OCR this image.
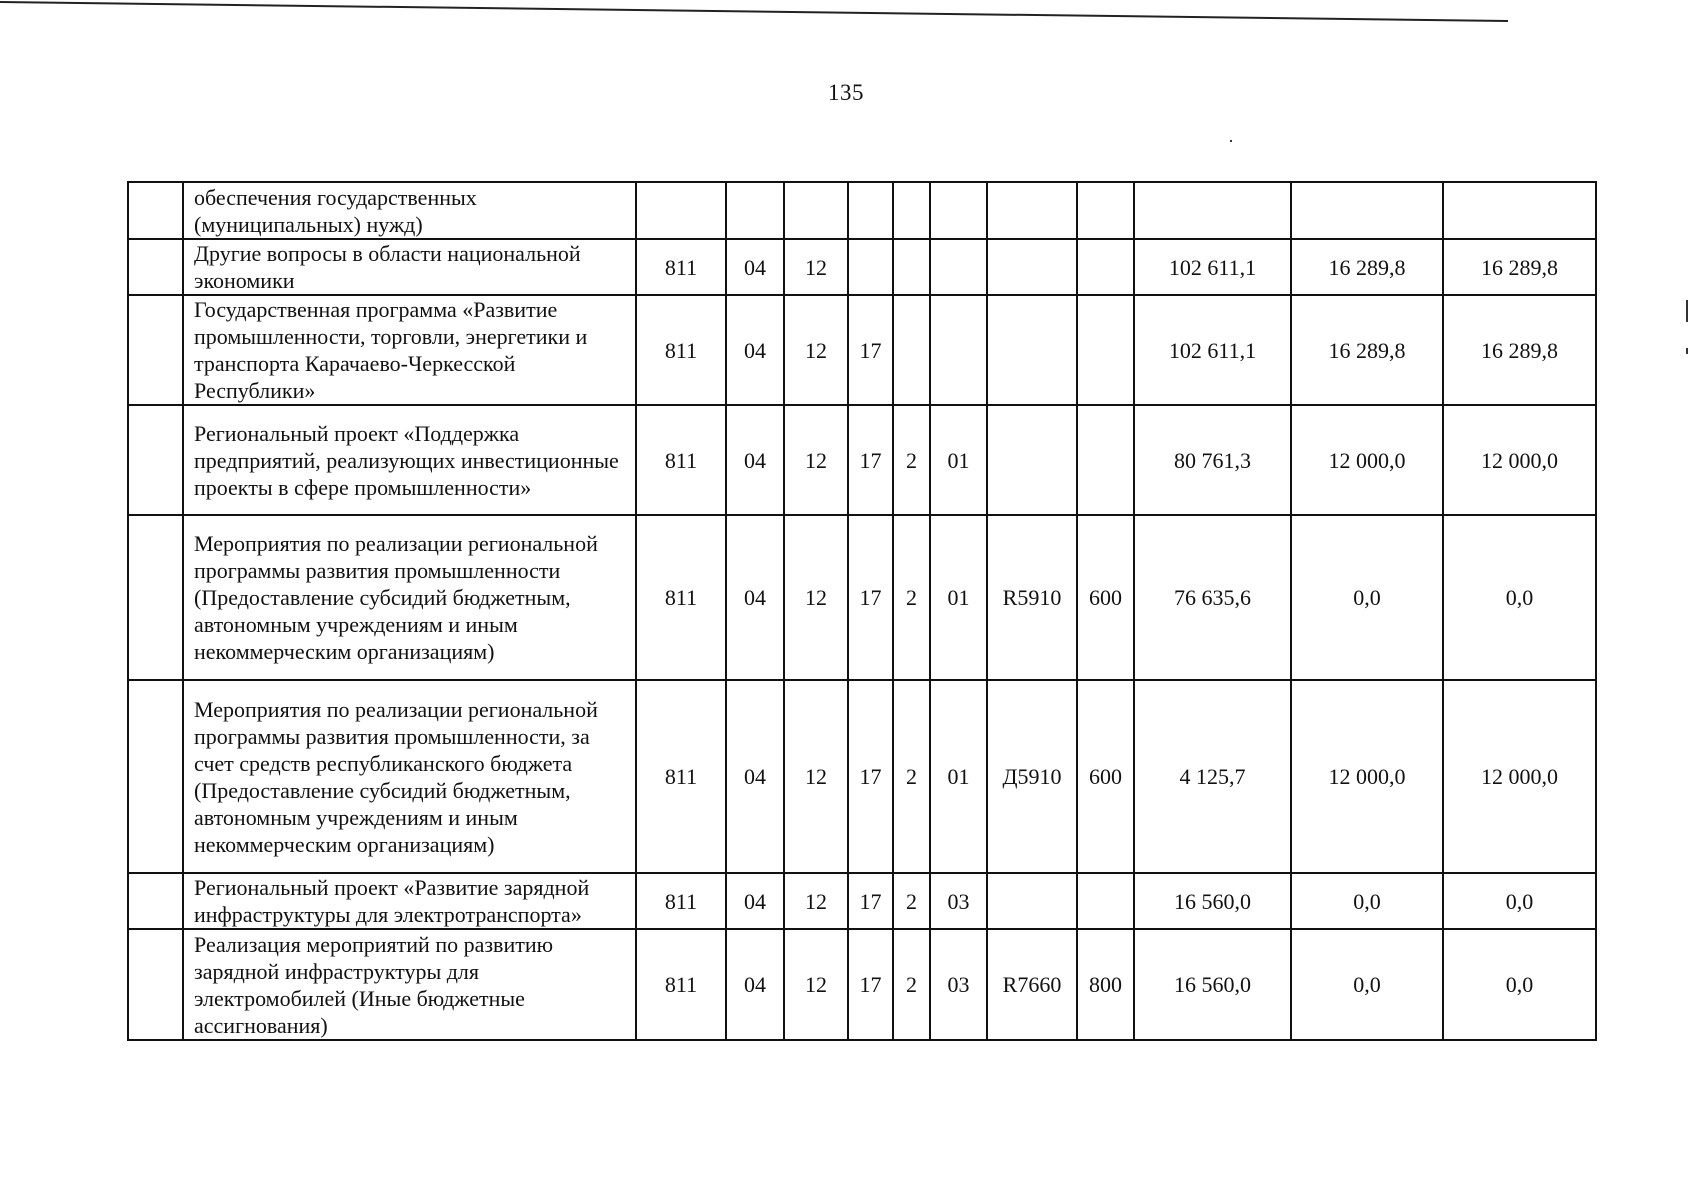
135
	обеспечения государственных (муниципальных) нужд)											
	Другие вопросы в области национальной экономики	811	04	12						102 611,1	16 289,8	16 289,8
	Государственная программа «Развитие промышленности, торговли, энергетики и транспорта Карачаево-Черкесской Республики»	811	04	12	17					102 611,1	16 289,8	16 289,8
	Региональный проект «Поддержка предприятий, реализующих инвестиционные проекты в сфере промышленности»	811	04	12	17	2	01			80 761,3	12 000,0	12 000,0
	Мероприятия по реализации региональной программы развития промышленности (Предоставление субсидий бюджетным, автономным учреждениям и иным некоммерческим организациям)	811	04	12	17	2	01	R5910	600	76 635,6	0,0	0,0
	Мероприятия по реализации региональной программы развития промышленности, за счет средств республиканского бюджета (Предоставление субсидий бюджетным, автономным учреждениям и иным некоммерческим организациям)	811	04	12	17	2	01	Д5910	600	4 125,7	12 000,0	12 000,0
	Региональный проект «Развитие зарядной инфраструктуры для электротранспорта»	811	04	12	17	2	03			16 560,0	0,0	0,0
	Реализация мероприятий по развитию зарядной инфраструктуры для электромобилей (Иные бюджетные ассигнования)	811	04	12	17	2	03	R7660	800	16 560,0	0,0	0,0
